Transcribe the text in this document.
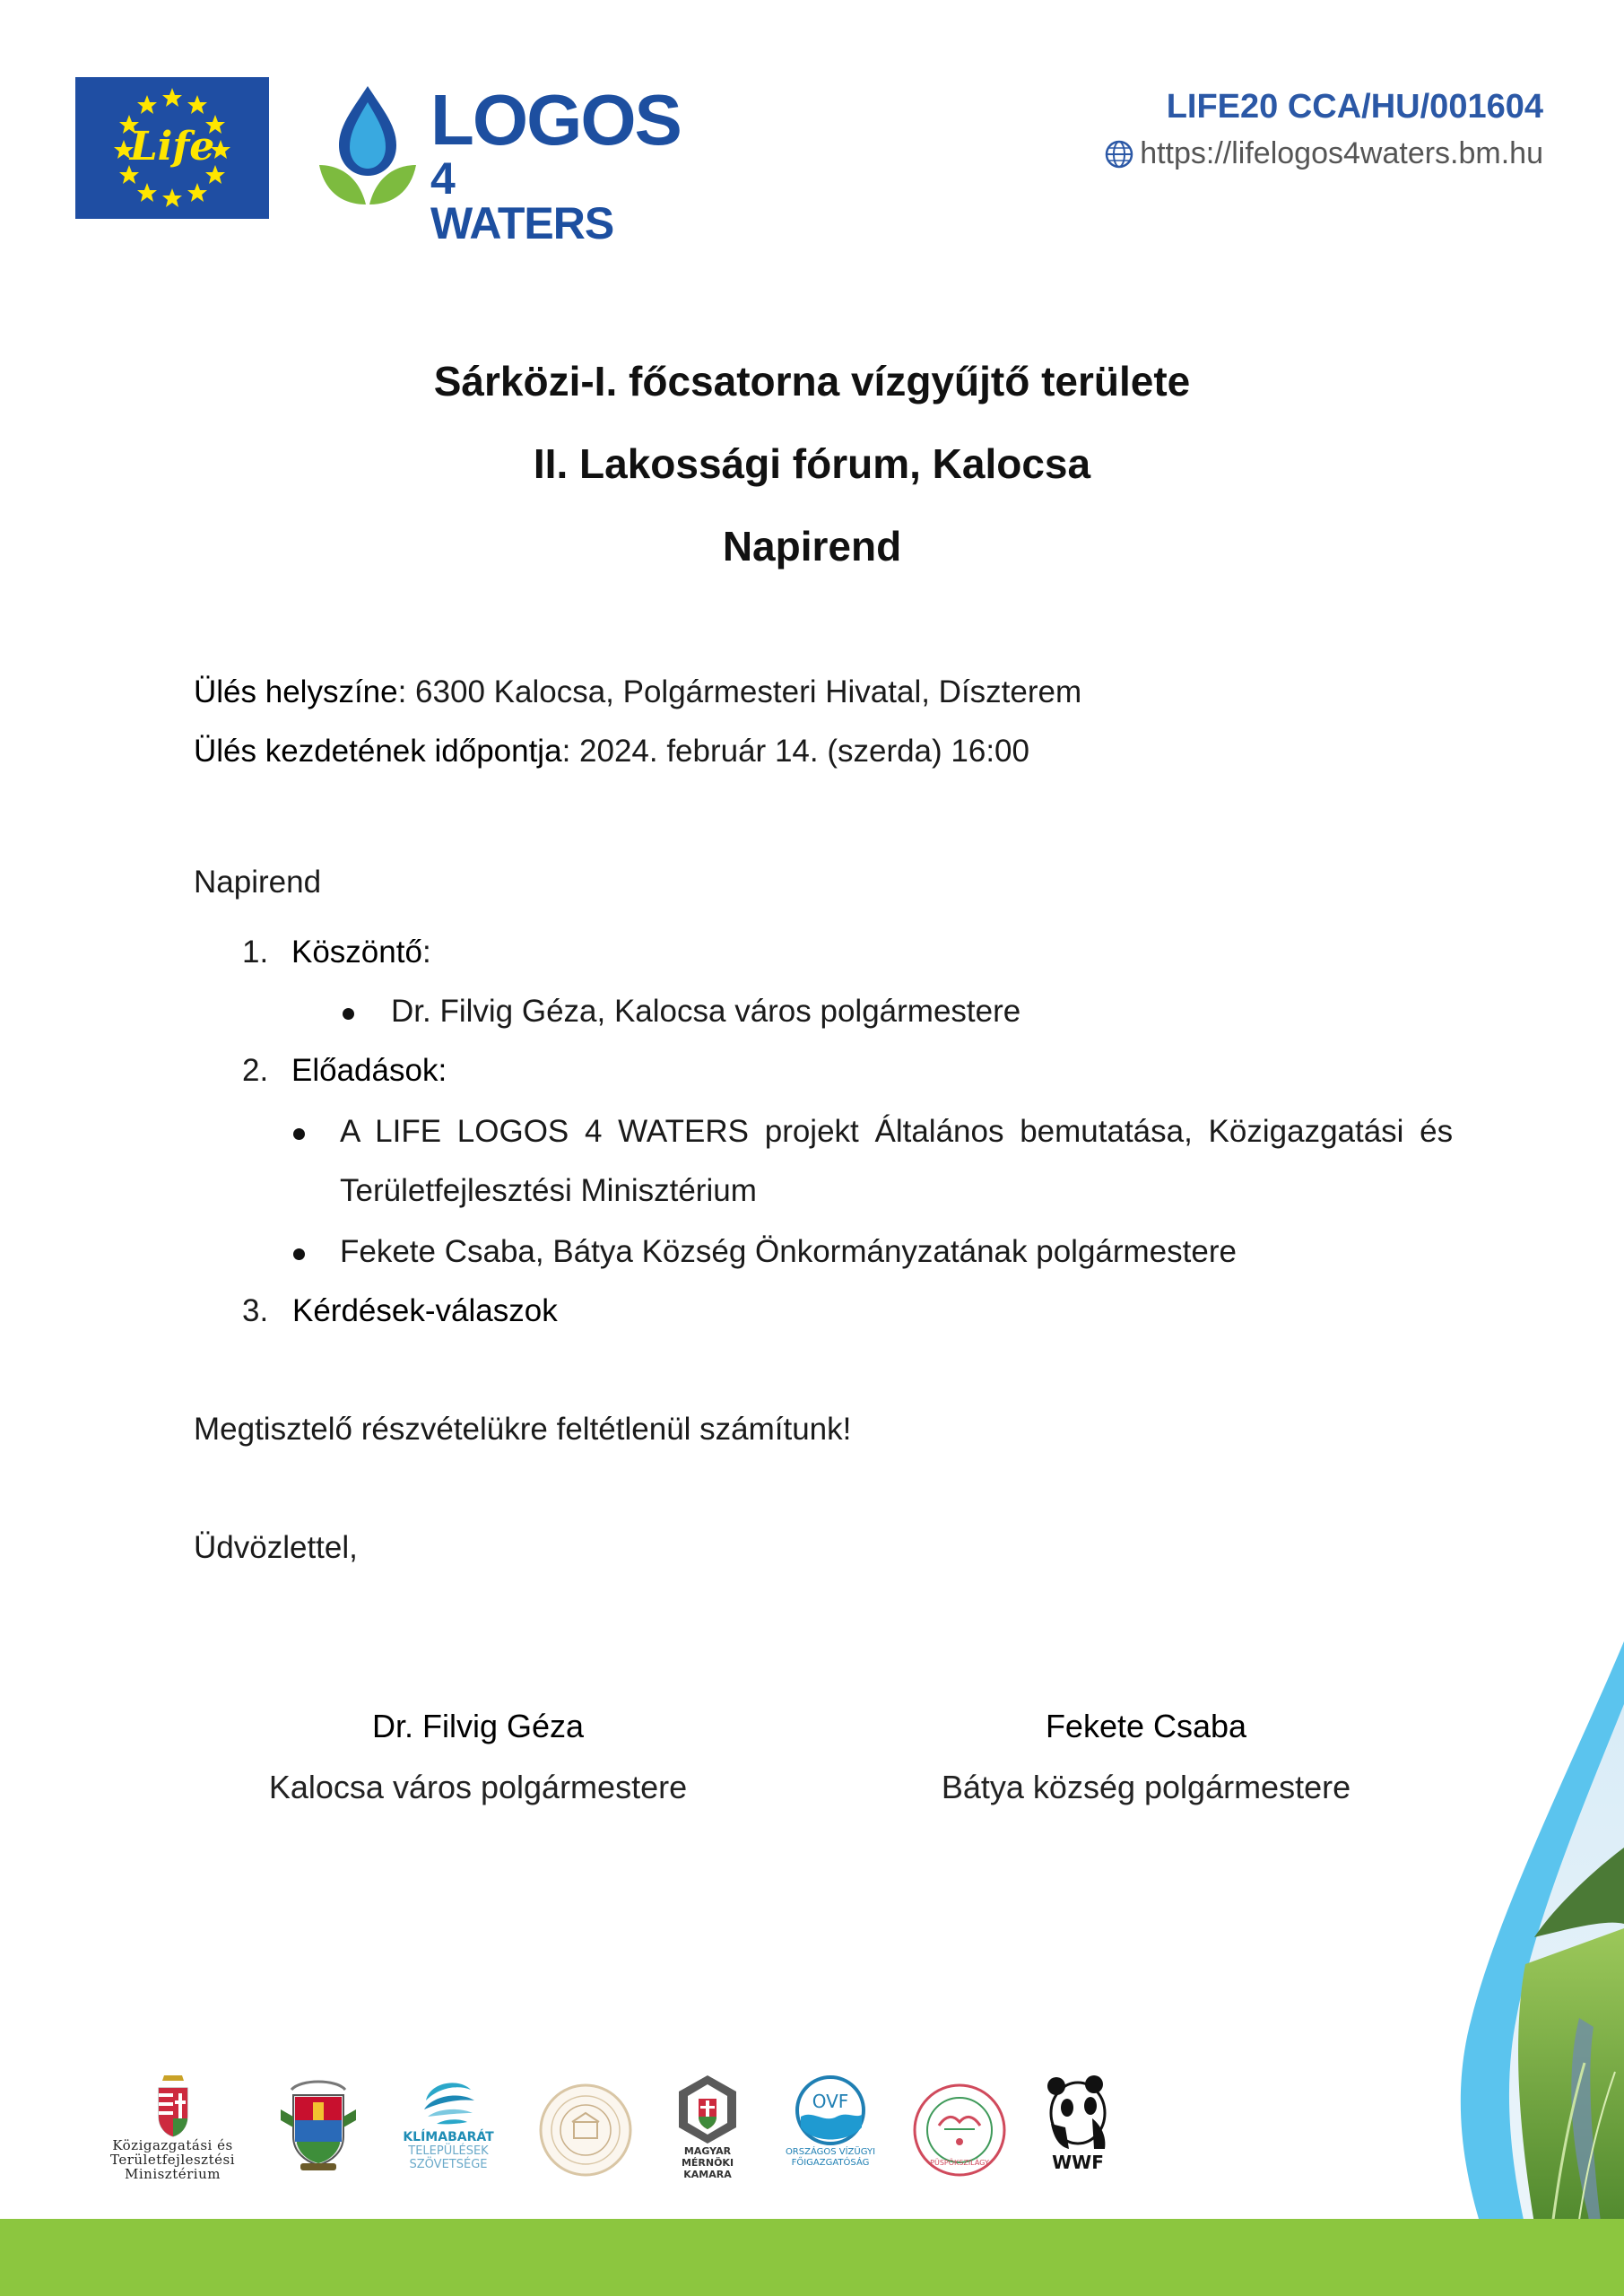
Life	LOGOS
4 WATERS
LIFE20 CCA/HU/001604
https://lifelogos4waters.bm.hu
Sárközi-I. főcsatorna vízgyűjtő területe
II. Lakossági fórum, Kalocsa
Napirend
Ülés helyszíne: 6300 Kalocsa, Polgármesteri Hivatal, Díszterem
Ülés kezdetének időpontja: 2024. február 14. (szerda) 16:00
Napirend
1. Köszöntő:
Dr. Filvig Géza, Kalocsa város polgármestere
2. Előadások:
A LIFE LOGOS 4 WATERS projekt Általános bemutatása, Közigazgatási és
Területfejlesztési Minisztérium
Fekete Csaba, Bátya Község Önkormányzatának polgármestere
3. Kérdések-válaszok
Megtisztelő részvételükre feltétlenül számítunk!
Üdvözlettel,
Dr. Filvig Géza
Kalocsa város polgármestere
Fekete Csaba
Bátya község polgármestere
Közigazgatási és
Területfejlesztési
Minisztérium
KLÍMABARÁT
TELEPÜLÉSEK
SZÖVETSÉGE
MAGYAR
MÉRNÖKI
KAMARA
OVF
ORSZÁGOS VÍZÜGYI
FŐIGAZGATÓSÁG	PÜSPÖKSZILÁGY	WWF
